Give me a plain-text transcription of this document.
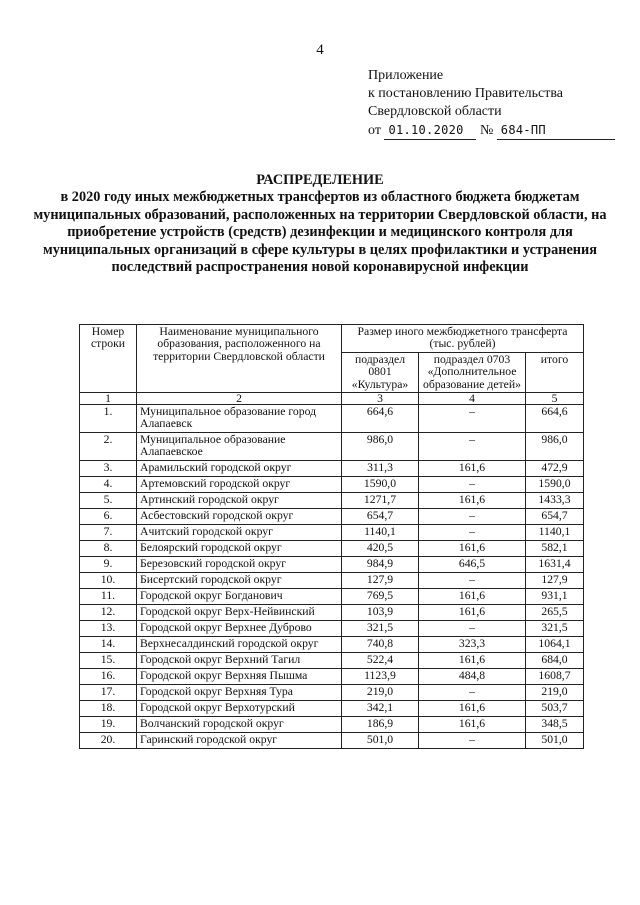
4
Приложение
к постановлению Правительства
Свердловской области
от 01.10.2020 № 684-ПП
РАСПРЕДЕЛЕНИЕ
в 2020 году иных межбюджетных трансфертов из областного бюджета бюджетам муниципальных образований, расположенных на территории Свердловской области, на приобретение устройств (средств) дезинфекции и медицинского контроля для муниципальных организаций в сфере культуры в целях профилактики и устранения последствий распространения новой коронавирусной инфекции
Номер строки	Наименование муниципального образования, расположенного на территории Свердловской области	Размер иного межбюджетного трансферта (тыс. рублей)		
		подраздел 0801 «Культура»	подраздел 0703 «Дополнительное образование детей»	итого
1	2	3	4	5
1.	Муниципальное образование город Алапаевск	664,6	–	664,6
2.	Муниципальное образование Алапаевское	986,0	–	986,0
3.	Арамильский городской округ	311,3	161,6	472,9
4.	Артемовский городской округ	1590,0	–	1590,0
5.	Артинский городской округ	1271,7	161,6	1433,3
6.	Асбестовский городской округ	654,7	–	654,7
7.	Ачитский городской округ	1140,1	–	1140,1
8.	Белоярский городской округ	420,5	161,6	582,1
9.	Березовский городской округ	984,9	646,5	1631,4
10.	Бисертский городской округ	127,9	–	127,9
11.	Городской округ Богданович	769,5	161,6	931,1
12.	Городской округ Верх-Нейвинский	103,9	161,6	265,5
13.	Городской округ Верхнее Дуброво	321,5	–	321,5
14.	Верхнесалдинский городской округ	740,8	323,3	1064,1
15.	Городской округ Верхний Тагил	522,4	161,6	684,0
16.	Городской округ Верхняя Пышма	1123,9	484,8	1608,7
17.	Городской округ Верхняя Тура	219,0	–	219,0
18.	Городской округ Верхотурский	342,1	161,6	503,7
19.	Волчанский городской округ	186,9	161,6	348,5
20.	Гаринский городской округ	501,0	–	501,0
